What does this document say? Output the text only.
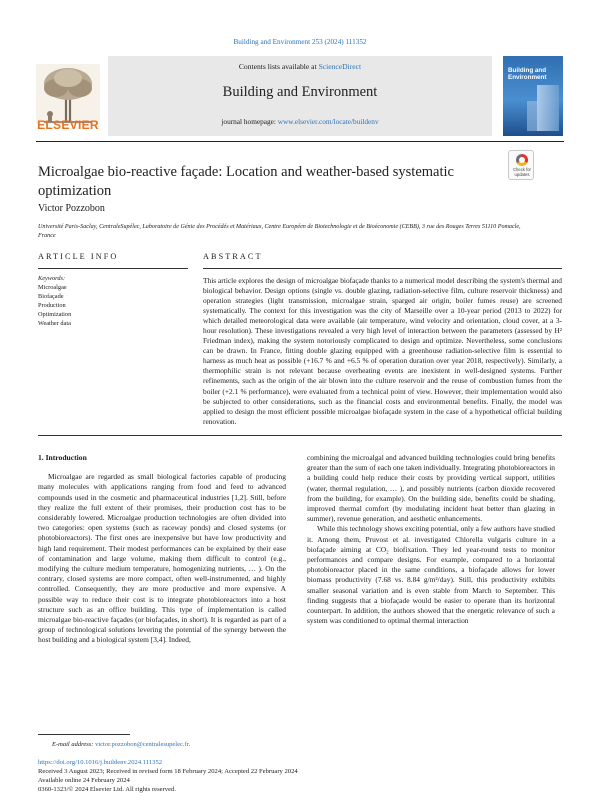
Building and Environment 253 (2024) 111352
ELSEVIER
Contents lists available at ScienceDirect
Building and Environment
journal homepage: www.elsevier.com/locate/buildenv
Building and Environment
Microalgae bio-reactive façade: Location and weather-based systematic optimization
Check for updates
Victor Pozzobon
Université Paris-Saclay, CentraleSupélec, Laboratoire de Génie des Procédés et Matériaux, Centre Européen de Biotechnologie et de Bioéconomie (CEBB), 3 rue des Rouges Terres 51110 Pomacle, France
ARTICLE INFO	ABSTRACT
Keywords:
Microalgae
Biofaçade
Production
Optimization
Weather data
This article explores the design of microalgae biofaçade thanks to a numerical model describing the system's thermal and biological behavior. Design options (single vs. double glazing, radiation-selective film, culture reservoir thickness) and operation strategies (light transmission, microalgae strain, sparged air origin, boiler fumes reuse) are screened systematically. The context for this investigation was the city of Marseille over a 10-year period (2013 to 2022) for which detailed meteorological data were available (air temperature, wind velocity and orientation, cloud cover, at a 3-hour resolution). These investigations revealed a very high level of interaction between the parameters (assessed by H² Friedman index), making the system notoriously complicated to design and optimize. Nevertheless, some conclusions can be drawn. In France, fitting double glazing equipped with a greenhouse radiation-selective film is essential to harness as much heat as possible (+16.7 % and +6.5 % of operation duration over year 2018, respectively). Similarly, a thermophilic strain is not relevant because overheating events are inexistent in well-designed systems. Further refinements, such as the origin of the air blown into the culture reservoir and the reuse of combustion fumes from the boiler (+2.1 % performance), were evaluated from a technical point of view. However, their implementation would also be subjected to other considerations, such as the financial costs and environmental benefits. Finally, the model was applied to design the most efficient possible microalgae biofaçade system in the case of a hypothetical official building renovation.
1. Introduction

Microalgae are regarded as small biological factories capable of producing many molecules with applications ranging from food and feed to advanced compounds used in the cosmetic and pharmaceutical industries [1,2]. Still, before they realize the full extent of their promises, their production cost has to be considerably lowered. Microalgae production technologies are often divided into two categories: open systems (such as raceway ponds) and closed systems (or photobioreactors). The first ones are inexpensive but have low productivity and high land requirement. Their modest performances can be explained by their ease of contamination and large volume, making them difficult to control (e.g., modifying the culture medium temperature, homogenizing nutrients, … ). On the contrary, closed systems are more compact, often well-instrumented, and highly controlled. Consequently, they are more productive and more expensive. A possible way to reduce their cost is to integrate photobioreactors into a host structure such as an office building. This type of implementation is called microalgae bio-reactive façades (or biofaçades, in short). It is regarded as part of a group of technological solutions levering the potential of the synergy between the host building and a biological system [3,4]. Indeed,

combining the microalgal and advanced building technologies could bring benefits greater than the sum of each one taken individually. Integrating photobioreactors in a building could help reduce their costs by providing vertical support, utilities (water, thermal regulation, … ), and possibly nutrients (carbon dioxide recovered from the building, for example). On the building side, benefits could be shading, improved thermal comfort (by modulating incident heat better than glazing in summer), revenue generation, and aesthetic enhancements.

While this technology shows exciting potential, only a few authors have studied it. Among them, Pruvost et al. investigated Chlorella vulgaris culture in a biofaçade aiming at CO₂ biofixation. They led year-round tests to monitor performances and compare designs. For example, compared to a horizontal photobioreactor placed in the same conditions, a biofaçade allows for lower biomass productivity (7.68 vs. 8.84 g/m²/day). Still, this productivity exhibits smaller seasonal variation and is even stable from March to September. This finding suggests that a biofaçade would be easier to operate than its horizontal counterpart. In addition, the authors showed that the energetic relevance of such a system was conditioned to optimal thermal interaction

E-mail address: victor.pozzobon@centralesupelec.fr.
https://doi.org/10.1016/j.buildenv.2024.111352
Received 3 August 2023; Received in revised form 18 February 2024; Accepted 22 February 2024
Available online 24 February 2024
0360-1323/© 2024 Elsevier Ltd. All rights reserved.
